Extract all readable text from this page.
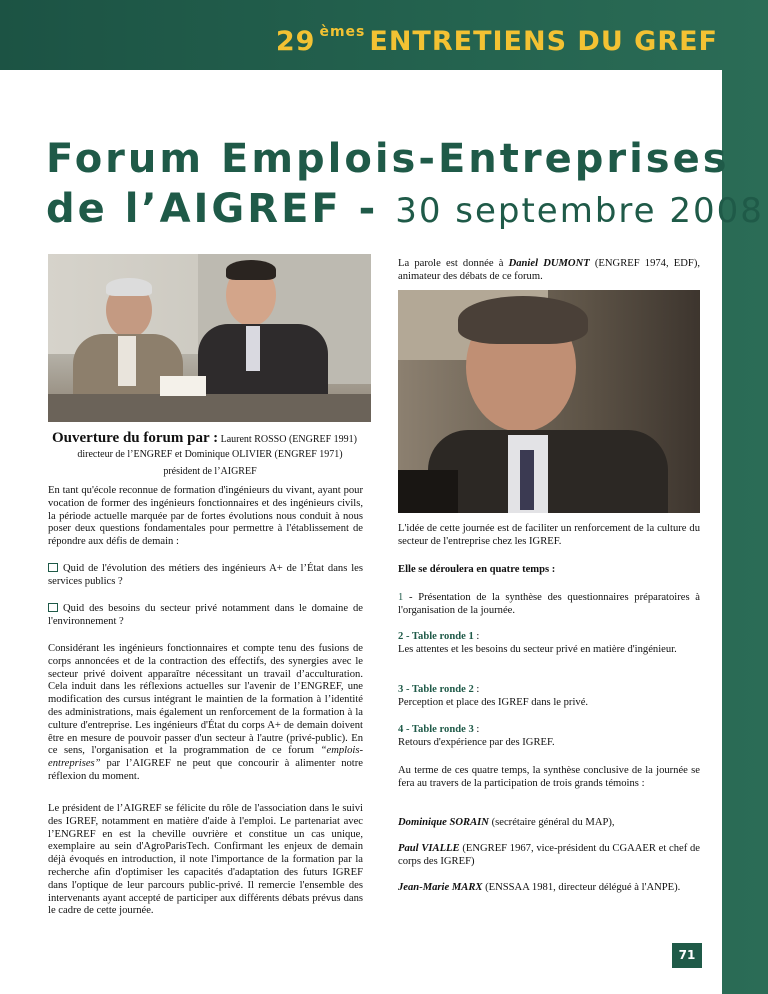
29 $^{èmes}$ ENTRETIENS DU GREF
Forum Emplois-Entreprises
de l’AIGREF - 30 septembre 2008
Ouverture du forum par : Laurent ROSSO (ENGREF 1991)
directeur de l’ENGREF et Dominique OLIVIER (ENGREF 1971)
président de l’AIGREF
En tant qu'école reconnue de formation d'ingénieurs du vivant, ayant pour vocation de former des ingénieurs fonctionnaires et des ingénieurs civils, la période actuelle marquée par de fortes évolutions nous conduit à nous poser deux questions fondamentales pour permettre à l'établissement de répondre aux défis de demain :
Quid de l'évolution des métiers des ingénieurs A+ de l’État dans les services publics ?
Quid des besoins du secteur privé notamment dans le domaine de l'environnement ?
Considérant les ingénieurs fonctionnaires et compte tenu des fusions de corps annoncées et de la contraction des effectifs, des synergies avec le secteur privé doivent apparaître nécessitant un travail d’acculturation. Cela induit dans les réflexions actuelles sur l'avenir de l’ENGREF, une modification des cursus intégrant le maintien de la formation à l’identité des administrations, mais également un renforcement de la formation à la culture d'entreprise. Les ingénieurs d'État du corps A+ de demain doivent être en mesure de pouvoir passer d'un secteur à l'autre (privé-public). En ce sens, l'organisation et la programmation de ce forum “emplois-entreprises” par l’AIGREF ne peut que concourir à alimenter notre réflexion du moment.
Le président de l’AIGREF se félicite du rôle de l'association dans le suivi des IGREF, notamment en matière d'aide à l'emploi. Le partenariat avec l’ENGREF en est la cheville ouvrière et constitue un cas unique, exemplaire au sein d'AgroParisTech. Confirmant les enjeux de demain déjà évoqués en introduction, il note l'importance de la formation par la recherche afin d'optimiser les capacités d'adaptation des futurs IGREF dans l'optique de leur parcours public-privé. Il remercie l'ensemble des intervenants ayant accepté de participer aux différents débats prévus dans le cadre de cette journée.
La parole est donnée à Daniel DUMONT (ENGREF 1974, EDF), animateur des débats de ce forum.
L'idée de cette journée est de faciliter un renforcement de la culture du secteur de l'entreprise chez les IGREF.
Elle se déroulera en quatre temps :
1 - Présentation de la synthèse des questionnaires préparatoires à l'organisation de la journée.
2 - Table ronde 1 :
Les attentes et les besoins du secteur privé en matière d'ingénieur.
3 - Table ronde 2 :
Perception et place des IGREF dans le privé.
4 - Table ronde 3 :
Retours d'expérience par des IGREF.
Au terme de ces quatre temps, la synthèse conclusive de la journée se fera au travers de la participation de trois grands témoins :
Dominique SORAIN (secrétaire général du MAP),
Paul VIALLE (ENGREF 1967, vice-président du CGAAER et chef de corps des IGREF)
Jean-Marie MARX (ENSSAA 1981, directeur délégué à l'ANPE).
71
